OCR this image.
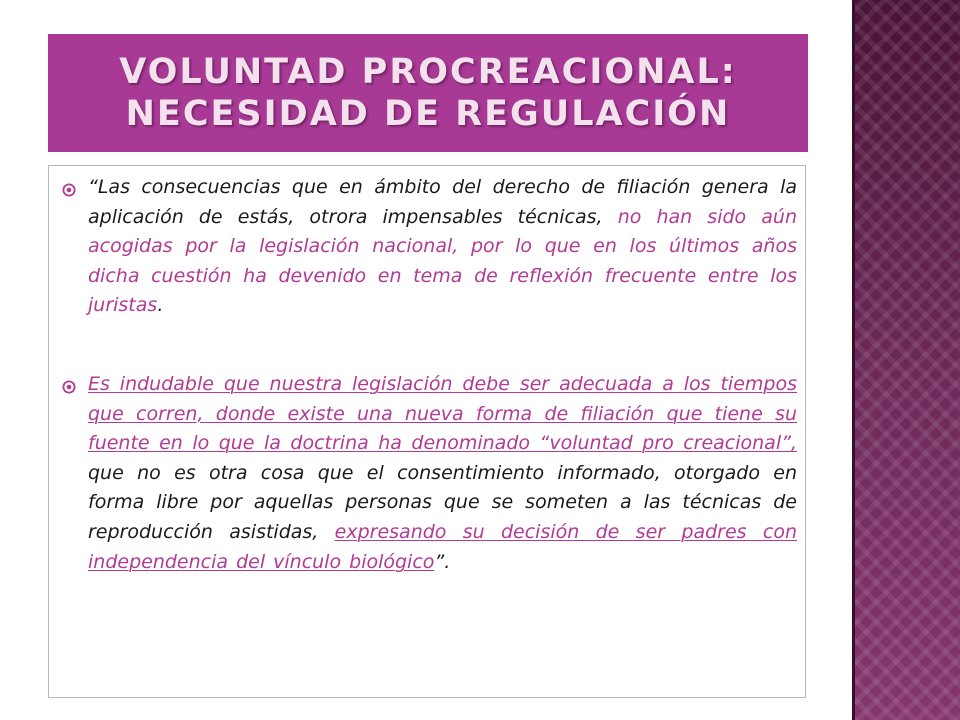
VOLUNTAD PROCREACIONAL:
NECESIDAD DE REGULACIÓN

“Las consecuencias que en ámbito del derecho de filiación genera la aplicación de estás, otrora impensables técnicas, no han sido aún acogidas por la legislación nacional, por lo que en los últimos años dicha cuestión ha devenido en tema de reflexión frecuente entre los juristas.

Es indudable que nuestra legislación debe ser adecuada a los tiempos que corren, donde existe una nueva forma de filiación que tiene su fuente en lo que la doctrina ha denominado “voluntad pro creacional”, que no es otra cosa que el consentimiento informado, otorgado en forma libre por aquellas personas que se someten a las técnicas de reproducción asistidas, expresando su decisión de ser padres con independencia del vínculo biológico”.
